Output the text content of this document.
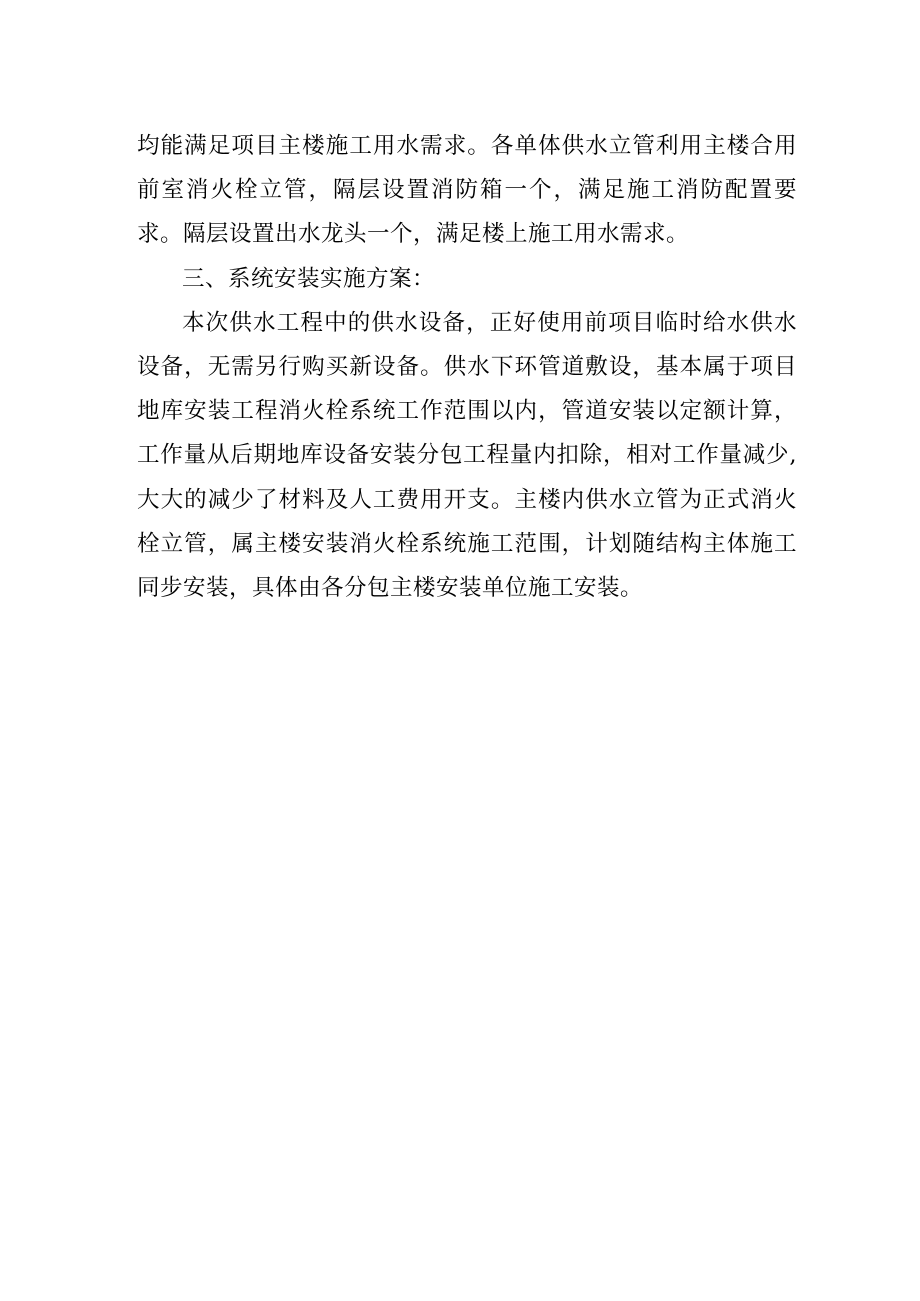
均能满足项目主楼施工用水需求。各单体供水立管利用主楼合用前室消火栓立管，隔层设置消防箱一个，满足施工消防配置要求。隔层设置出水龙头一个，满足楼上施工用水需求。

三、系统安装实施方案：

本次供水工程中的供水设备，正好使用前项目临时给水供水设备，无需另行购买新设备。供水下环管道敷设，基本属于项目地库安装工程消火栓系统工作范围以内，管道安装以定额计算，工作量从后期地库设备安装分包工程量内扣除，相对工作量减少,大大的减少了材料及人工费用开支。主楼内供水立管为正式消火栓立管，属主楼安装消火栓系统施工范围，计划随结构主体施工同步安装，具体由各分包主楼安装单位施工安装。
